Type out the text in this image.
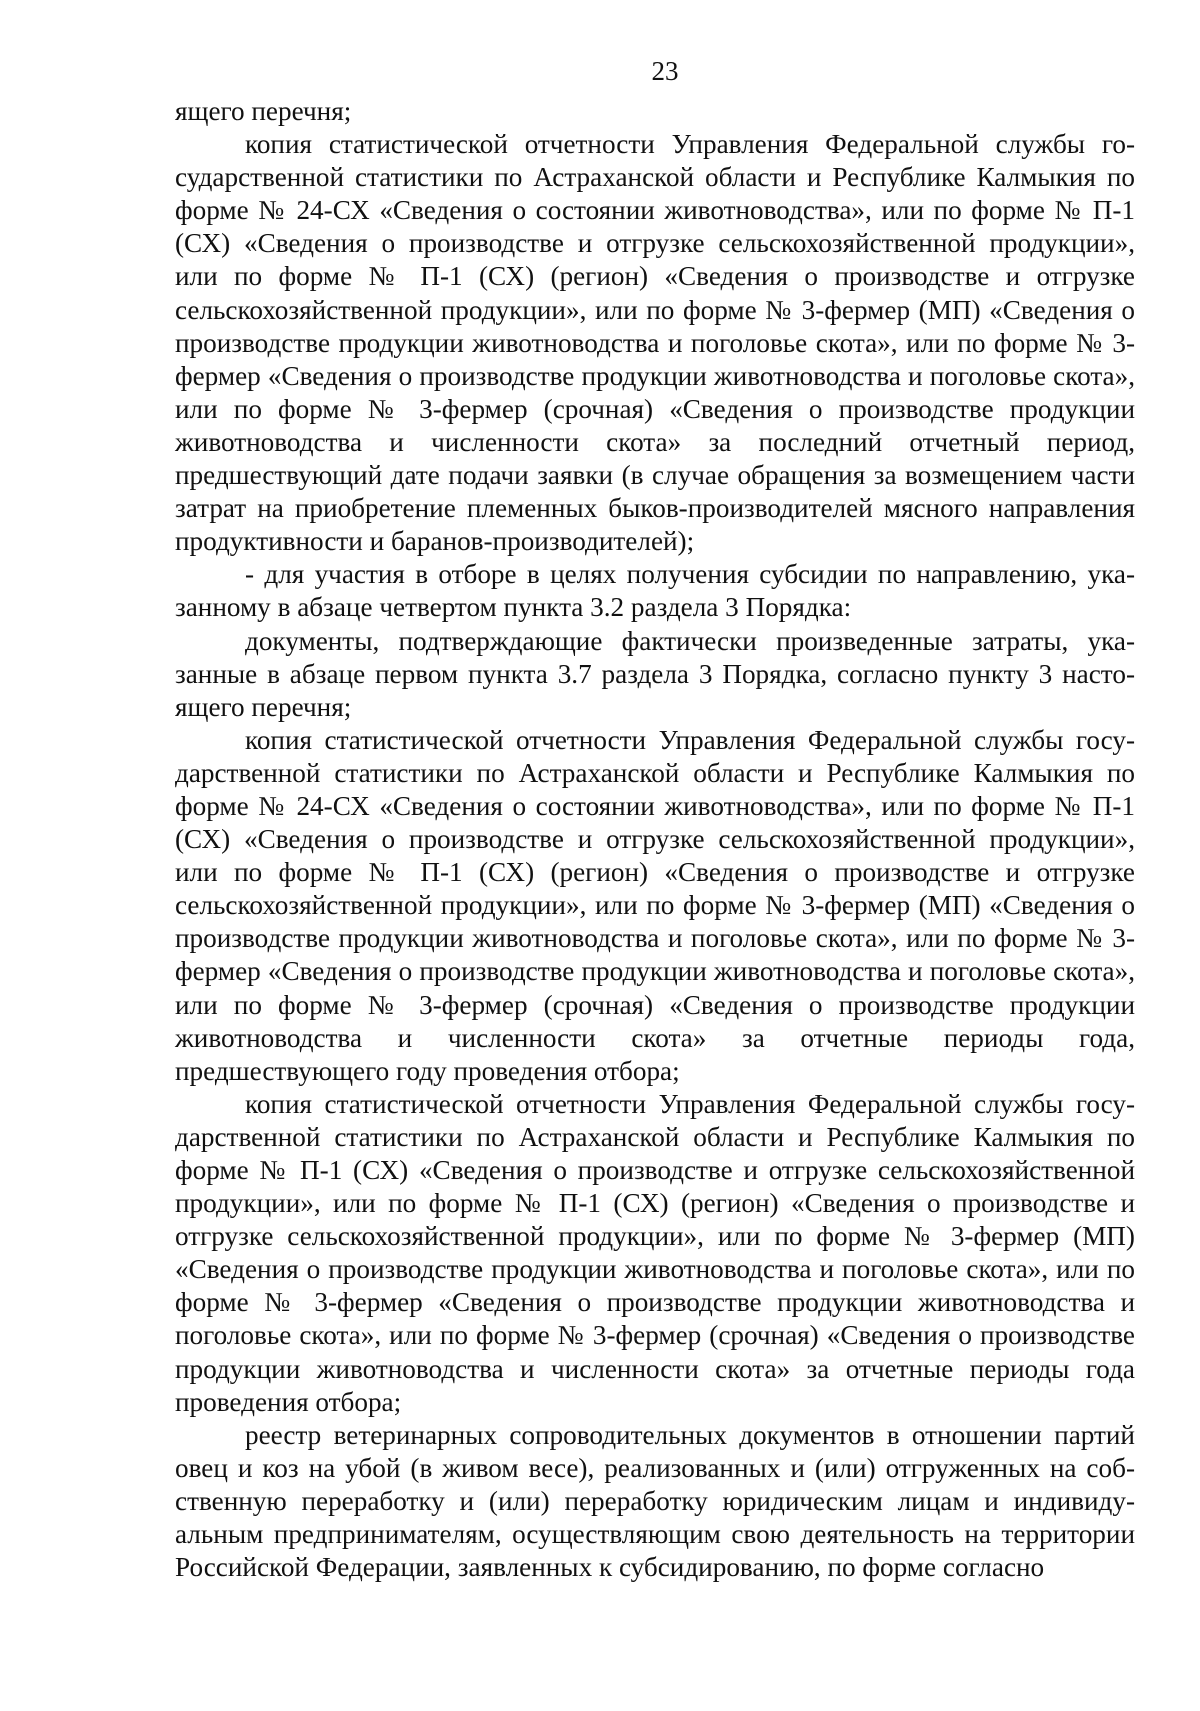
23

ящего перечня;

копия статистической отчетности Управления Федеральной службы государственной статистики по Астраханской области и Республике Калмыкия по форме № 24-СХ «Сведения о состоянии животноводства», или по форме № П-1 (СХ) «Сведения о производстве и отгрузке сельскохозяйственной продукции», или по форме № П-1 (СХ) (регион) «Сведения о производстве и отгрузке сельскохозяйственной продукции», или по форме № 3-фермер (МП) «Сведения о производстве продукции животноводства и поголовье скота», или по форме № 3-фермер «Сведения о производстве продукции животноводства и поголовье скота», или по форме № 3-фермер (срочная) «Сведения о производстве продукции животноводства и численности скота» за последний отчетный период, предшествующий дате подачи заявки (в случае обращения за возмещением части затрат на приобретение племенных быков-производителей мясного направления продуктивности и баранов-производителей);

- для участия в отборе в целях получения субсидии по направлению, указанному в абзаце четвертом пункта 3.2 раздела 3 Порядка:

документы, подтверждающие фактически произведенные затраты, указанные в абзаце первом пункта 3.7 раздела 3 Порядка, согласно пункту 3 настоящего перечня;

копия статистической отчетности Управления Федеральной службы государственной статистики по Астраханской области и Республике Калмыкия по форме № 24-СХ «Сведения о состоянии животноводства», или по форме № П-1 (СХ) «Сведения о производстве и отгрузке сельскохозяйственной продукции», или по форме № П-1 (СХ) (регион) «Сведения о производстве и отгрузке сельскохозяйственной продукции», или по форме № 3-фермер (МП) «Сведения о производстве продукции животноводства и поголовье скота», или по форме № 3-фермер «Сведения о производстве продукции животноводства и поголовье скота», или по форме № 3-фермер (срочная) «Сведения о производстве продукции животноводства и численности скота» за отчетные периоды года, предшествующего году проведения отбора;

копия статистической отчетности Управления Федеральной службы государственной статистики по Астраханской области и Республике Калмыкия по форме № П-1 (СХ) «Сведения о производстве и отгрузке сельскохозяйственной продукции», или по форме № П-1 (СХ) (регион) «Сведения о производстве и отгрузке сельскохозяйственной продукции», или по форме № 3-фермер (МП) «Сведения о производстве продукции животноводства и поголовье скота», или по форме № 3-фермер «Сведения о производстве продукции животноводства и поголовье скота», или по форме № 3-фермер (срочная) «Сведения о производстве продукции животноводства и численности скота» за отчетные периоды года проведения отбора;

реестр ветеринарных сопроводительных документов в отношении партий овец и коз на убой (в живом весе), реализованных и (или) отгруженных на собственную переработку и (или) переработку юридическим лицам и индивидуальным предпринимателям, осуществляющим свою деятельность на территории Российской Федерации, заявленных к субсидированию, по форме согласно
